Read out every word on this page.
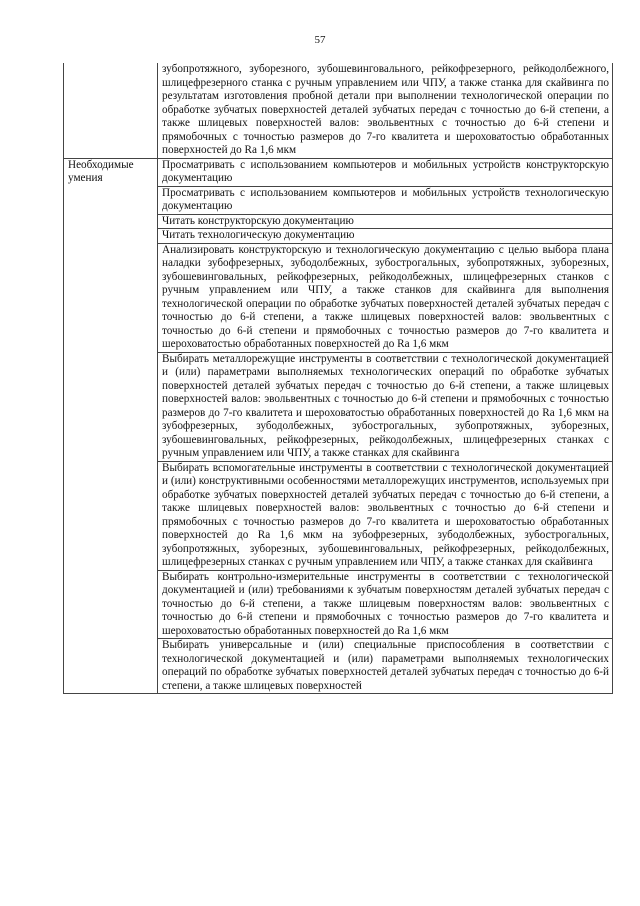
57
	зубопротяжного, зуборезного, зубошевинговального, рейкофрезерного, рейкодолбежного, шлицефрезерного станка с ручным управлением или ЧПУ, а также станка для скайвинга по результатам изготовления пробной детали при выполнении технологической операции по обработке зубчатых поверхностей деталей зубчатых передач с точностью до 6-й степени, а также шлицевых поверхностей валов: эвольвентных с точностью до 6-й степени и прямобочных с точностью размеров до 7-го квалитета и шероховатостью обработанных поверхностей до Ra 1,6 мкм
Необходимые умения	Просматривать с использованием компьютеров и мобильных устройств конструкторскую документацию
	Просматривать с использованием компьютеров и мобильных устройств технологическую документацию
	Читать конструкторскую документацию
	Читать технологическую документацию
	Анализировать конструкторскую и технологическую документацию с целью выбора плана наладки зубофрезерных, зубодолбежных, зубострогальных, зубопротяжных, зуборезных, зубошевинговальных, рейкофрезерных, рейкодолбежных, шлицефрезерных станков с ручным управлением или ЧПУ, а также станков для скайвинга для выполнения технологической операции по обработке зубчатых поверхностей деталей зубчатых передач с точностью до 6-й степени, а также шлицевых поверхностей валов: эвольвентных с точностью до 6-й степени и прямобочных с точностью размеров до 7-го квалитета и шероховатостью обработанных поверхностей до Ra 1,6 мкм
	Выбирать металлорежущие инструменты в соответствии с технологической документацией и (или) параметрами выполняемых технологических операций по обработке зубчатых поверхностей деталей зубчатых передач с точностью до 6-й степени, а также шлицевых поверхностей валов: эвольвентных с точностью до 6-й степени и прямобочных с точностью размеров до 7-го квалитета и шероховатостью обработанных поверхностей до Ra 1,6 мкм на зубофрезерных, зубодолбежных, зубострогальных, зубопротяжных, зуборезных, зубошевинговальных, рейкофрезерных, рейкодолбежных, шлицефрезерных станках с ручным управлением или ЧПУ, а также станках для скайвинга
	Выбирать вспомогательные инструменты в соответствии с технологической документацией и (или) конструктивными особенностями металлорежущих инструментов, используемых при обработке зубчатых поверхностей деталей зубчатых передач с точностью до 6-й степени, а также шлицевых поверхностей валов: эвольвентных с точностью до 6-й степени и прямобочных с точностью размеров до 7-го квалитета и шероховатостью обработанных поверхностей до Ra 1,6 мкм на зубофрезерных, зубодолбежных, зубострогальных, зубопротяжных, зуборезных, зубошевинговальных, рейкофрезерных, рейкодолбежных, шлицефрезерных станках с ручным управлением или ЧПУ, а также станках для скайвинга
	Выбирать контрольно-измерительные инструменты в соответствии с технологической документацией и (или) требованиями к зубчатым поверхностям деталей зубчатых передач с точностью до 6-й степени, а также шлицевым поверхностям валов: эвольвентных с точностью до 6-й степени и прямобочных с точностью размеров до 7-го квалитета и шероховатостью обработанных поверхностей до Ra 1,6 мкм
	Выбирать универсальные и (или) специальные приспособления в соответствии с технологической документацией и (или) параметрами выполняемых технологических операций по обработке зубчатых поверхностей деталей зубчатых передач с точностью до 6-й степени, а также шлицевых поверхностей
